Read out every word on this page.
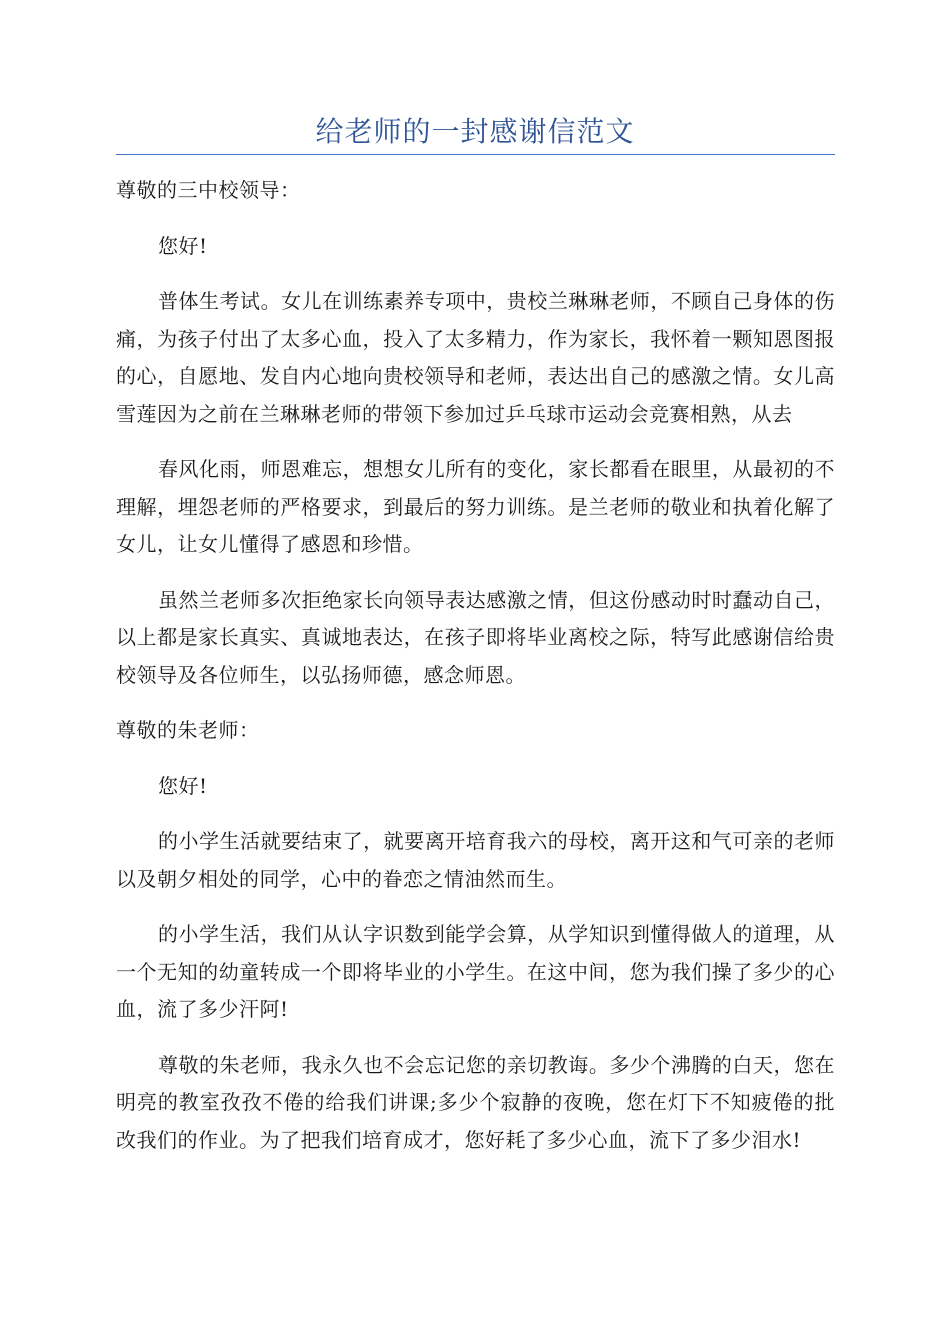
给老师的一封感谢信范文

尊敬的三中校领导：

您好!

普体生考试。女儿在训练素养专项中，贵校兰琳琳老师，不顾自己身体的伤痛，为孩子付出了太多心血，投入了太多精力，作为家长，我怀着一颗知恩图报的心，自愿地、发自内心地向贵校领导和老师，表达出自己的感激之情。女儿高雪莲因为之前在兰琳琳老师的带领下参加过乒乓球市运动会竞赛相熟，从去

春风化雨，师恩难忘，想想女儿所有的变化，家长都看在眼里，从最初的不理解，埋怨老师的严格要求，到最后的努力训练。是兰老师的敬业和执着化解了女儿，让女儿懂得了感恩和珍惜。

虽然兰老师多次拒绝家长向领导表达感激之情，但这份感动时时蠢动自己，以上都是家长真实、真诚地表达，在孩子即将毕业离校之际，特写此感谢信给贵校领导及各位师生，以弘扬师德，感念师恩。

尊敬的朱老师：

您好!

的小学生活就要结束了，就要离开培育我六的母校，离开这和气可亲的老师以及朝夕相处的同学，心中的眷恋之情油然而生。

的小学生活，我们从认字识数到能学会算，从学知识到懂得做人的道理，从一个无知的幼童转成一个即将毕业的小学生。在这中间，您为我们操了多少的心血，流了多少汗阿!

尊敬的朱老师，我永久也不会忘记您的亲切教诲。多少个沸腾的白天，您在明亮的教室孜孜不倦的给我们讲课;多少个寂静的夜晚，您在灯下不知疲倦的批改我们的作业。为了把我们培育成才，您好耗了多少心血，流下了多少泪水!
